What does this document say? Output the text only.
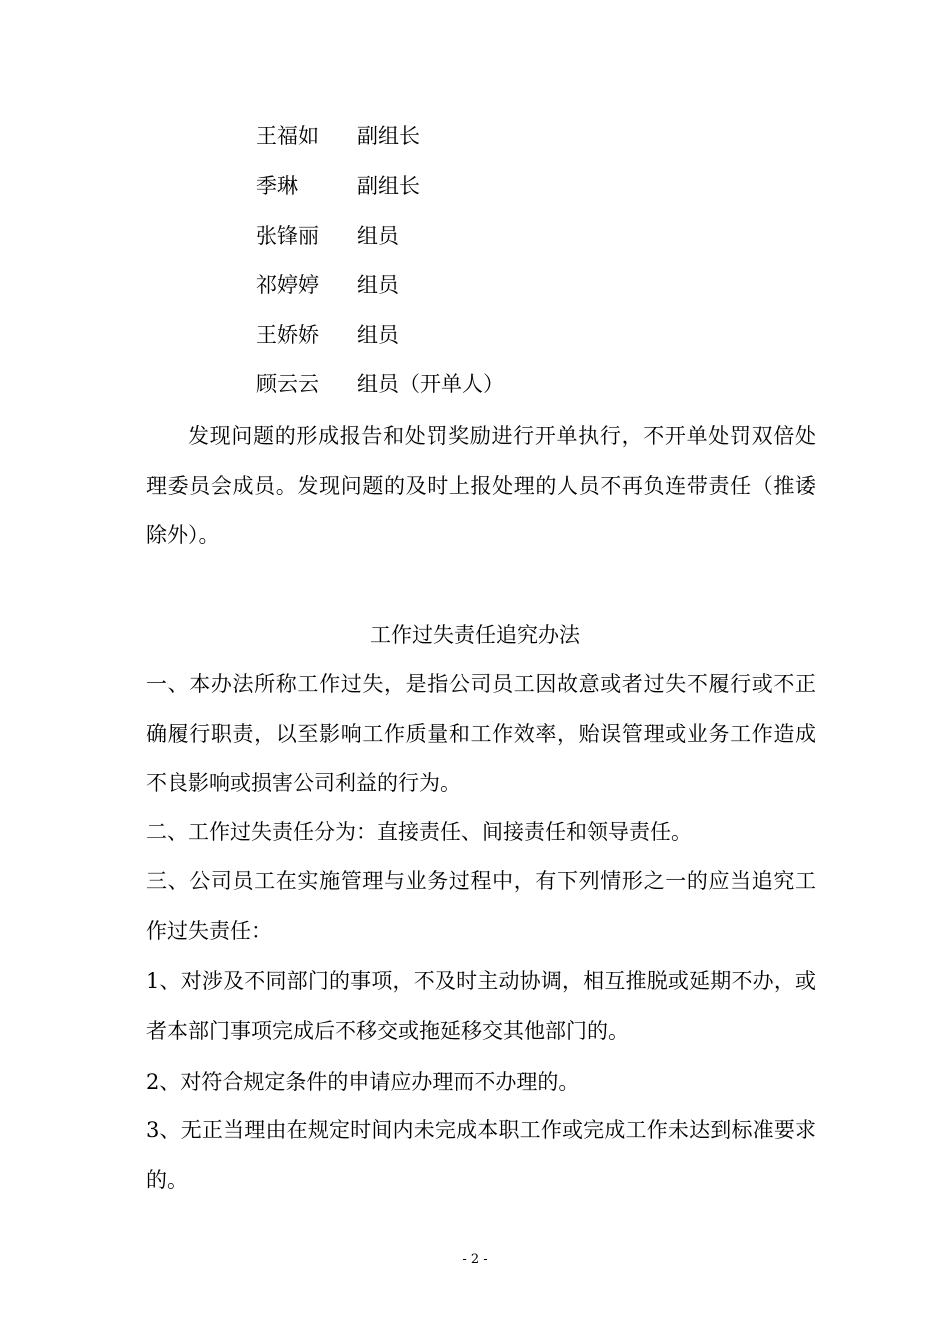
王福如 副组长
季琳	副组长
张锋丽 组员
祁婷婷 组员
王娇娇 组员
顾云云 组员（开单人）

发现问题的形成报告和处罚奖励进行开单执行，不开单处罚双倍处理委员会成员。发现问题的及时上报处理的人员不再负连带责任（推诿除外）。

工作过失责任追究办法

一、本办法所称工作过失，是指公司员工因故意或者过失不履行或不正确履行职责，以至影响工作质量和工作效率，贻误管理或业务工作造成不良影响或损害公司利益的行为。

二、工作过失责任分为：直接责任、间接责任和领导责任。

三、公司员工在实施管理与业务过程中，有下列情形之一的应当追究工作过失责任：

1、对涉及不同部门的事项，不及时主动协调，相互推脱或延期不办，或者本部门事项完成后不移交或拖延移交其他部门的。

2、对符合规定条件的申请应办理而不办理的。

3、无正当理由在规定时间内未完成本职工作或完成工作未达到标准要求的。

- 2 -
